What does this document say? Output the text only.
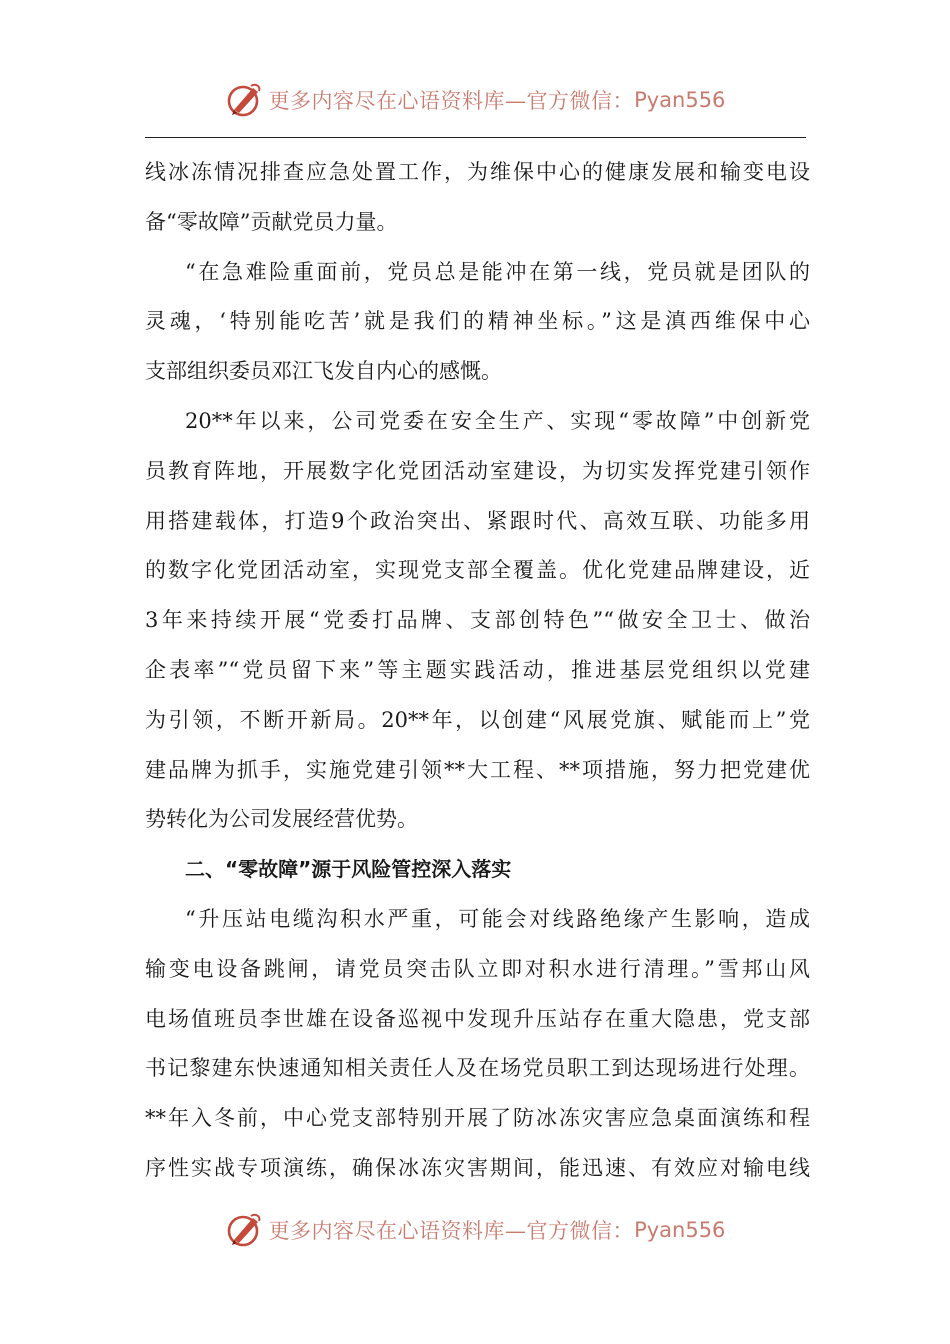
更多内容尽在心语资料库—官方微信： Pyan556
线冰冻情况排查应急处置工作，为维保中心的健康发展和输变电设
备“零故障”贡献党员力量。
“在急难险重面前，党员总是能冲在第一线，党员就是团队的
灵魂，‘特别能吃苦’就是我们的精神坐标。”这是滇西维保中心
支部组织委员邓江飞发自内心的感慨。
20**年以来，公司党委在安全生产、实现“零故障”中创新党
员教育阵地，开展数字化党团活动室建设，为切实发挥党建引领作
用搭建载体，打造9个政治突出、紧跟时代、高效互联、功能多用
的数字化党团活动室，实现党支部全覆盖。优化党建品牌建设，近
3年来持续开展“党委打品牌、支部创特色”“做安全卫士、做治
企表率”“党员留下来”等主题实践活动，推进基层党组织以党建
为引领，不断开新局。20**年，以创建“风展党旗、赋能而上”党
建品牌为抓手，实施党建引领**大工程、**项措施，努力把党建优
势转化为公司发展经营优势。
二、“零故障”源于风险管控深入落实
“升压站电缆沟积水严重，可能会对线路绝缘产生影响，造成
输变电设备跳闸，请党员突击队立即对积水进行清理。”雪邦山风
电场值班员李世雄在设备巡视中发现升压站存在重大隐患，党支部
书记黎建东快速通知相关责任人及在场党员职工到达现场进行处理。
**年入冬前，中心党支部特别开展了防冰冻灾害应急桌面演练和程
序性实战专项演练，确保冰冻灾害期间，能迅速、有效应对输电线
更多内容尽在心语资料库—官方微信： Pyan556
